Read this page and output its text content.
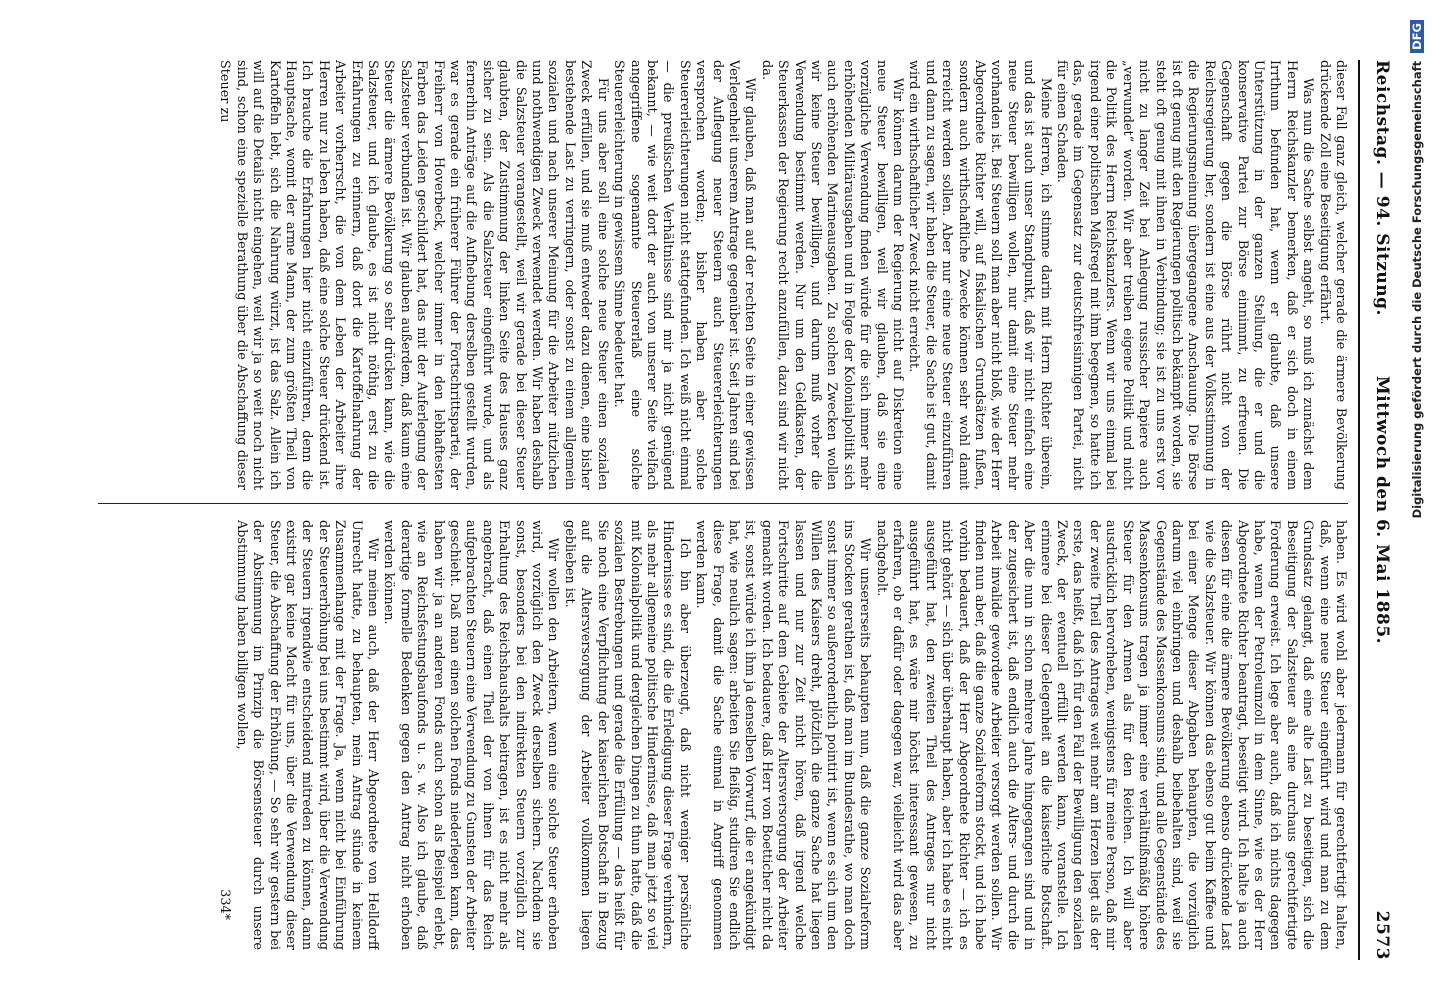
Reichstag. — 94. Sitzung.
Mittwoch den 6. Mai 1885.
2573

dieser Fall ganz gleich, welcher gerade die ärmere Bevölkerung drückende Zoll eine Beseitigung erfährt.

Was nun die Sache selbst angeht, so muß ich zunächst dem Herrn Reichskanzler bemerken, daß er sich doch in einem Irrthum befunden hat, wenn er glaubte, daß unsere Unterstützung in der ganzen Stellung, die er und die konservative Partei zur Börse einnimmt, zu erfreuen. Die Gegenschaft gegen die Börse rührt nicht von der Reichsregierung her, sondern ist eine aus der Volksstimmung in die Regierungsmeinung übergegangene Anschauung. Die Börse ist oft genug mit den Regierungen politisch bekämpft worden, sie steht oft genug mit ihnen in Verbindung; sie ist zu uns erst vor nicht zu langer Zeit bei Anlegung russischer Papiere auch „verwundet“ worden. Wir aber treiben eigene Politik und nicht die Politik des Herrn Reichskanzlers. Wenn wir uns einmal bei irgend einer politischen Maßregel mit ihm begegnen, so hatte ich das, gerade im Gegensatz zur deutschfreisinnigen Partei, nicht für einen Schaden.

Meine Herren, ich stimme darin mit Herrn Richter überein, und das ist auch unser Standpunkt, daß wir nicht einfach eine neue Steuer bewilligen wollen, nur damit eine Steuer mehr vorhanden ist. Bei Steuern soll man aber nicht bloß, wie der Herr Abgeordnete Richter will, auf fiskalischen Grundsätzen fußen, sondern auch wirthschaftliche Zwecke können sehr wohl damit erreicht werden sollen. Aber nur eine neue Steuer einzuführen und dann zu sagen, wir haben die Steuer, die Sache ist gut, damit wird ein wirthschaftlicher Zweck nicht erreicht.

Wir können darum der Regierung nicht auf Diskretion eine neue Steuer bewilligen, weil wir glauben, daß sie eine vorzügliche Verwendung finden würde für die sich immer mehr erhöhenden Militärausgaben und in Folge der Kolonialpolitik sich auch erhöhenden Marineausgaben. Zu solchen Zwecken wollen wir keine Steuer bewilligen, und darum muß vorher die Verwendung bestimmt werden. Nur um den Geldkasten, der Steuerkassen der Regierung recht anzufüllen, dazu sind wir nicht da.

Wir glauben, daß man auf der rechten Seite in einer gewissen Verlegenheit unserem Antrage gegenüber ist. Seit Jahren sind bei der Auflegung neuer Steuern auch Steuererleichterungen versprochen worden; bisher haben aber solche Steuererleichterungen nicht stattgefunden. Ich weiß nicht einmal — die preußischen Verhältnisse sind mir ja nicht genügend bekannt, — wie weit dort der auch von unserer Seite vielfach angegriffene sogenannte Steuererlaß eine solche Steuererleichterung in gewissem Sinne bedeutet hat.

Für uns aber soll eine solche neue Steuer einen sozialen Zweck erfüllen, und sie muß entweder dazu dienen, eine bisher bestehende Last zu verringern, oder sonst zu einem allgemein sozialen und nach unserer Meinung für die Arbeiter nützlichen und nothwendigen Zweck verwendet werden. Wir haben deshalb die Salzsteuer vorangestellt, weil wir gerade bei dieser Steuer glaubten, der Zustimmung der linken Seite des Hauses ganz sicher zu sein. Als die Salzsteuer eingeführt wurde, und als fernerhin Anträge auf die Aufhebung derselben gestellt wurden, war es gerade ein früherer Führer der Fortschrittspartei, der Freiherr von Hoverbeck, welcher immer in den lebhaftesten Farben das Leiden geschildert hat, das mit der Auferlegung der Salzsteuer verbunden ist. Wir glauben außerdem, daß kaum eine Steuer die ärmere Bevölkerung so sehr drücken kann, wie die Salzsteuer, und ich glaube, es ist nicht nöthig, erst zu die Erfahrungen zu erinnern, daß dort die Kartoffelnahrung der Arbeiter vorherrscht, die von dem Leben der Arbeiter ihre Herren nur zu leben haben, daß eine solche Steuer drückend ist. Ich brauche die Erfahrungen hier nicht einzuführen, denn die Hauptsache, womit der arme Mann, der zum größten Theil von Kartoffeln lebt, sich die Nahrung würzt, ist das Salz. Allein ich will auf die Details nicht eingehen, weil wir ja so weit noch nicht sind, schon eine spezielle Berathung über die Abschaffung dieser Steuer zu

haben. Es wird wohl aber jedermann für gerechtfertigt halten, daß, wenn eine neue Steuer eingeführt wird und man zu dem Grundsatz gelangt, daß eine alte Last zu beseitigen, sich die Beseitigung der Salzsteuer als eine durchaus gerechtfertigte Forderung erweist. Ich lege aber auch, daß ich nichts dagegen habe, wenn der Petroleumzoll in dem Sinne, wie es der Herr Abgeordnete Richter beantragt, beseitigt wird. Ich halte ja auch diesen für eine die ärmere Bevölkerung ebenso drückende Last wie die Salzsteuer. Wir können das ebenso gut beim Kaffee und bei einer Menge dieser Abgaben behaupten, die vorzüglich darum viel einbringen und deshalb beibehalten sind, weil sie Gegenstände des Massenkonsums sind, und alle Gegenstände des Massenkonsums tragen ja immer eine verhältnißmäßig höhere Steuer für den Armen als für den Reichen. Ich will aber ausdrücklich hervorheben, wenigstens für meine Person, daß mir der zweite Theil des Antrages weit mehr am Herzen liegt als der erste, das heißt, daß ich für den Fall der Bewilligung den sozialen Zweck, der eventuell erfüllt werden kann, voranstelle. Ich erinnere bei dieser Gelegenheit an die kaiserliche Botschaft. Aber die nun in schon mehrere Jahre hingegangen sind und in der zugesichert ist, daß endlich auch die Alters- und durch die Arbeit invalide gewordene Arbeiter versorgt werden sollen. Wir finden nun aber, daß die ganze Sozialreform stockt, und ich habe vorhin bedauert, daß der Herr Abgeordnete Richter — ich es nicht gehört — sich über überhaupt haben, aber ich habe es nicht ausgeführt hat, den zweiten Theil des Antrages nur nicht ausgeführt hat, es wäre mir höchst interessant gewesen, zu erfahren, ob er dafür oder dagegen war, vielleicht wird das aber nachgeholt.

Wir unsererseits behaupten nun, daß die ganze Sozialreform ins Stocken gerathen ist, daß man im Bundesrathe, wo man doch sonst immer so außerordentlich pointirt ist, wenn es sich um den Willen des Kaisers dreht, plötzlich die ganze Sache hat liegen lassen und nur zur Zeit nicht hören, daß irgend welche Fortschritte auf dem Gebiete der Altersversorgung der Arbeiter gemacht worden. Ich bedauere, daß Herr von Boetticher nicht da ist, sonst würde ich ihm ja denselben Vorwurf, die er angekündigt hat, wie neulich sagen: arbeiten Sie fleißig, studiren Sie endlich diese Frage, damit die Sache einmal in Angriff genommen werden kann.

Ich bin aber überzeugt, daß nicht weniger persönliche Hindernisse es sind, die die Erledigung dieser Frage verhindern, als mehr allgemeine politische Hindernisse, daß man jetzt so viel mit Kolonialpolitik und dergleichen Dingen zu thun hatte, daß die sozialen Bestrebungen und gerade die Erfüllung — das heißt für Sie noch eine Verpflichtung der kaiserlichen Botschaft in Bezug auf die Altersversorgung der Arbeiter vollkommen liegen geblieben ist.

Wir wollen den Arbeitern, wenn eine solche Steuer erhoben wird, vorzüglich den Zweck derselben sichern. Nachdem sie sonst, besonders bei den indirekten Steuern vorzüglich zur Erhaltung des Reichshaushalts beitragen, ist es nicht mehr als angebracht, daß einen Theil der von ihnen für das Reich aufgebrachten Steuern eine Verwendung zu Gunsten der Arbeiter geschieht. Daß man einen solchen Fonds niederlegen kann, das haben wir ja an anderen Fonds auch schon als Beispiel erlebt, wie an Reichsfestungsbaufonds u. s. w. Also ich glaube, daß derartige formelle Bedenken gegen den Antrag nicht erhoben werden können.

Wir meinen auch, daß der Herr Abgeordnete von Helldorff Unrecht hatte, zu behaupten, mein Antrag stünde in keinem Zusammenhange mit der Frage. Ja, wenn nicht bei Einführung der Steuererhöhung bei uns bestimmt wird, über die Verwendung der Steuern irgendwie entscheidend mitreden zu können, dann existirt gar keine Macht für uns, über die Verwendung dieser Steuer, die Abschaffung der Erhöhung, — So sehr wir gestern bei der Abstimmung im Prinzip die Börsensteuer durch unsere Abstimmung haben billigen wollen,

334*
Digitalisierung gefördert durch die Deutsche Forschungsgemeinschaft DFG
